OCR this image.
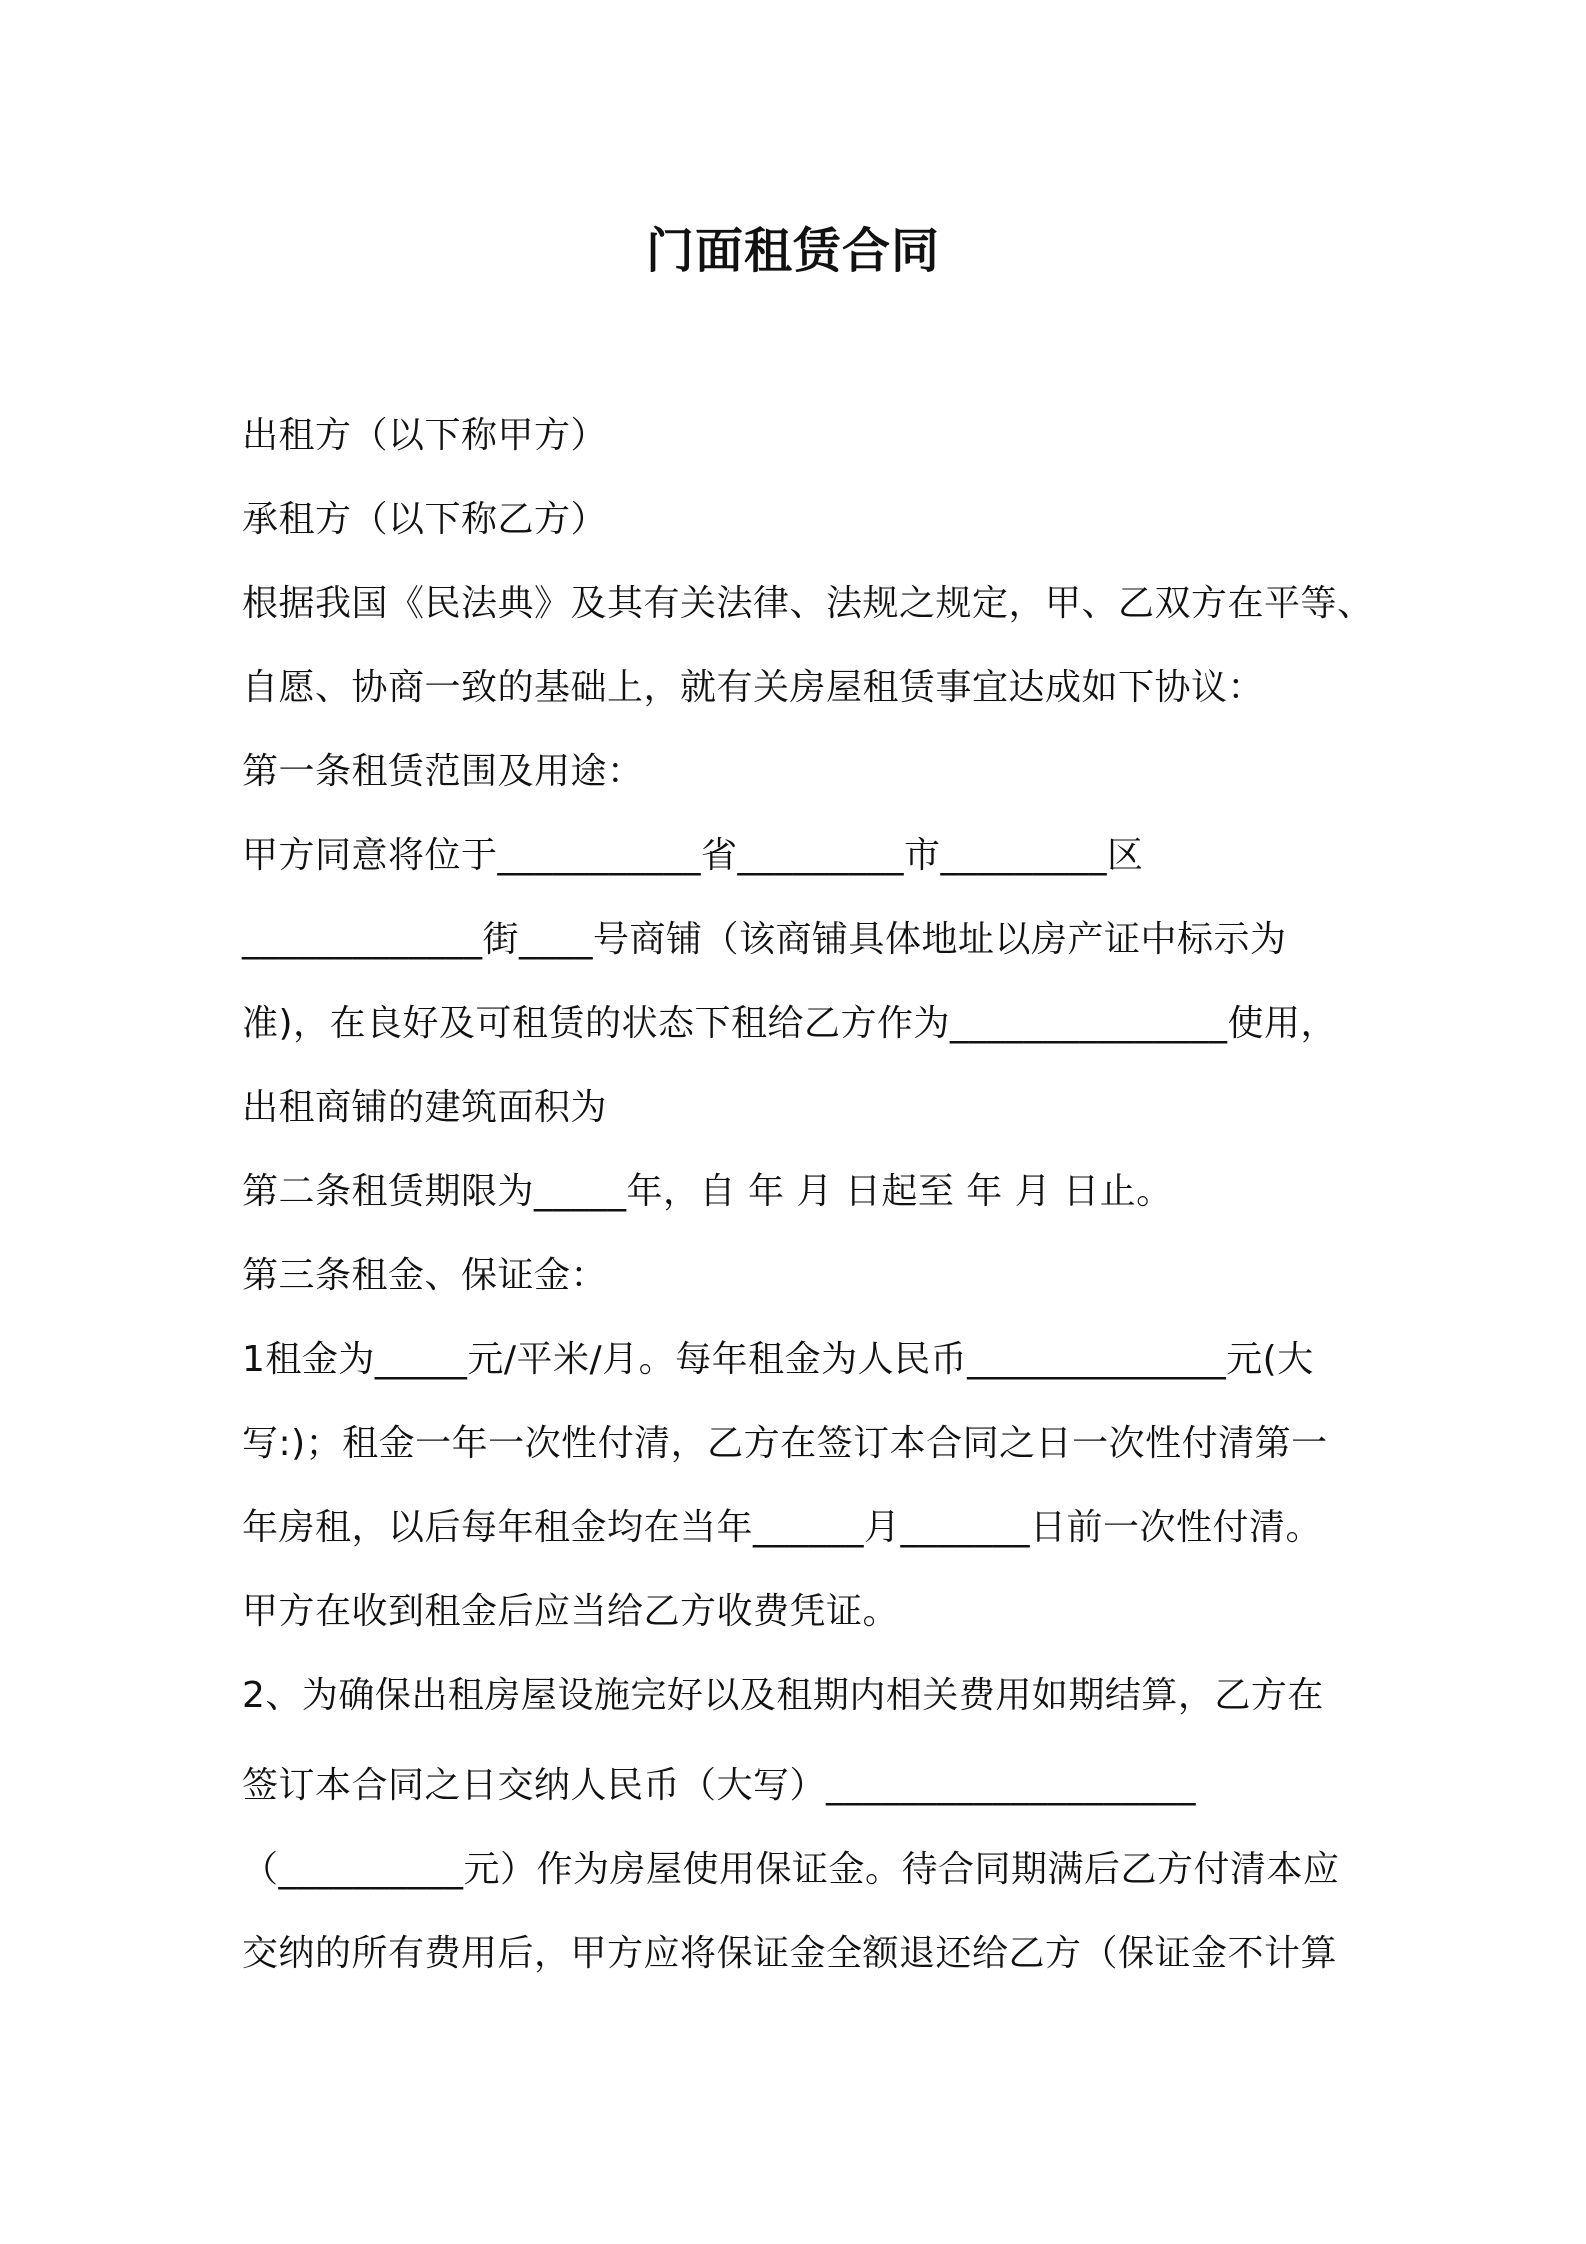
门面租赁合同
出租方（以下称甲方）
承租方（以下称乙方）
根据我国《民法典》及其有关法律、法规之规定，甲、乙双方在平等、
自愿、协商一致的基础上，就有关房屋租赁事宜达成如下协议：
第一条租赁范围及用途：
甲方同意将位于___________省_________市_________区
_____________街____号商铺（该商铺具体地址以房产证中标示为
准)，在良好及可租赁的状态下租给乙方作为_______________使用，
出租商铺的建筑面积为
第二条租赁期限为_____年，自 年 月 日起至 年 月 日止。
第三条租金、保证金：
1租金为_____元/平米/月。每年租金为人民币______________元(大
写:)；租金一年一次性付清，乙方在签订本合同之日一次性付清第一
年房租，以后每年租金均在当年______月_______日前一次性付清。
甲方在收到租金后应当给乙方收费凭证。
2、为确保出租房屋设施完好以及租期内相关费用如期结算，乙方在
签订本合同之日交纳人民币（大写）____________________
（__________元）作为房屋使用保证金。待合同期满后乙方付清本应
交纳的所有费用后，甲方应将保证金全额退还给乙方（保证金不计算
